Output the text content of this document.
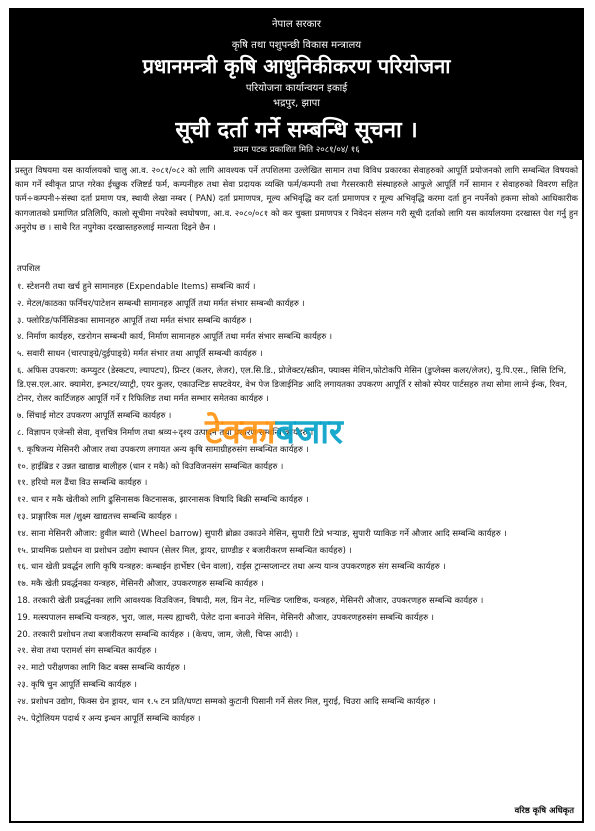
नेपाल सरकार
कृषि तथा पशुपन्छी विकास मन्त्रालय
प्रधानमन्त्री कृषि आधुनिकीकरण परियोजना
परियोजना कार्यान्वयन इकाई
भद्रपुर, झापा
सूची दर्ता गर्ने सम्बन्धि सूचना ।
प्रथम पटक प्रकाशित मिति २०८१/०४/ १६

प्रस्तुत विषयमा यस कार्यालयको चालु आ.व. २०८१/०८२ को लागि आवश्यक पर्ने तपशिलमा उल्लेखित सामान तथा विविध प्रकारका सेवाहरुको आपूर्ति प्रयोजनको लागि सम्बन्धित विषयको काम गर्ने स्वीकृत प्राप्त गरेका ईच्छुक रजिष्टर्ड फर्म, कम्पनीहरु तथा सेवा प्रदायक व्यक्ति फर्म/कम्पनी तथा गैरसरकारी संस्थाहरुले आफुले आपूर्ति गर्ने सामान र सेवाहरुको विवरण सहित फर्म÷कम्पनी÷संस्था दर्ता प्रमाण पत्र, स्थायी लेखा नम्बर ( PAN) दर्ता प्रमाणपत्र, मूल्य अभिवृद्धि कर दर्ता प्रमाणपत्र र मूल्य अभिवृद्धि करमा दर्ता हुन नपर्नेको हकमा सोको आधिकारीक कागजातको प्रमाणित प्रतिलिपि, कालो सूचीमा नपरेको स्वघोषणा, आ.व. २०८०/०८१ को कर चुक्ता प्रमाणपत्र र निवेदन संलग्न गरी सूची दर्ताको लागि यस कार्यालयमा दरखास्त पेश गर्नु हुन अनुरोध छ । साथै रित नपुगेका दरखास्तहरुलाई मान्यता दिइने छैन ।

तपशिल
१. स्टेशनरी तथा खर्च हुने सामानहरु (Expendable Items) सम्बन्धि कार्य ।
२. मेटल/काठका फर्निचर/पाटेशन सम्बन्धी सामानहरु आपूर्ति तथा मर्मत संभार सम्बन्धी कार्यहरु ।
३. फ्लोरिङ/फर्निसिङका सामानहरु आपूर्ति तथा मर्मत संभार सम्बन्धि कार्यहरु ।
४. निर्माण कार्यहरु, रङरोगन सम्बन्धी कार्य, निर्माण सामानहरु आपूर्ति तथा मर्मत संभार सम्बन्धि कार्यहरु ।
५. सवारी साधन (चारपाङ्ग्रे/दुईपाङ्ग्रे) मर्मत संभार तथा आपूर्ति सम्बन्धी कार्यहरु ।
६. अफिस उपकरण: कम्प्युटर (डेस्कटप, ल्यापटप), प्रिन्टर (कलर, लेजर), एल.सि.डि., प्रोजेक्टर/स्क्रीन, फ्याक्स मेशिन,फोटोकपि मेसिन (डुप्लेक्स कलर/लेजर), यु.पि.एस., सिसि टिभि, डि.एस.एल.आर. क्यामेरा, इन्भटर/व्याट्री, एयर कुलर, एकाउन्टिङ सफ्टवेयर, वेभ पेज डिजाईनिङ आदि लगायतका उपकरण आपूर्ति र सोको स्पेयर पार्टसहरु तथा सोमा लाग्ने ईन्क, रिवन, टोनर, रोलर कार्टिजहरु आपूर्ति गर्ने र रिफिलिङ तथा मर्मत सम्भार समेतका कार्यहरु ।
७. सिंचाई मोटर उपकरण आपूर्ति सम्बन्धि कार्यहरु ।
८. विज्ञापन एजेन्सी सेवा, वृत्तचित्र निर्माण तथा श्रव्य÷दृश्य उत्पादन तथा प्रसारण सम्बन्धि कार्यहरु ।
९. कृषिजन्य मेसिनरी औजार तथा उपकरण लगायत अन्य कृषि सामाग्रीहरुसंग सम्बन्धित कार्यहरु ।
१०. हाईब्रिड र उन्नत खाद्यान्न बालीहरु (धान र मकै) को विउविजनसंग सम्बन्धित कार्यहरु ।
११. हरियो मल ढैंचा विउ सम्बन्धि कार्यहरु ।
१२. धान र मकै खेतीको लागि ढुसिनासक किटनासक, झारनासक विषादि बिक्री सम्बन्धि कार्यहरु ।
१३. प्राङ्गारिक मल /शुक्ष्म खाद्यतत्त्व सम्बन्धि कार्यहरु ।
१४. साना मेसिनरी औजार: हुवील ब्यारो (Wheel barrow) सुपारी ब्रोक्रा उकाउने मेसिन, सुपारी टिप्ने भर्‍याङ, सुपारी प्याकिङ गर्ने औजार आदि सम्बन्धि कार्यहरु ।
१५. प्राथमिक प्रशोधन वा प्रशोधन उद्योग स्थापन (सेलर मिल, ड्रायर, ग्राण्डीङ र बजारीकरण सम्बन्धित कार्यहरु) ।
१६. धान खेती प्रवर्द्धन लागि कृषि यन्त्रहरु: कम्बाईन हार्भेष्टर (चेन वाला), राईस ट्रान्सप्लान्टर तथा अन्य यान्त्र उपकरणहरु संग सम्बन्धि कार्यहरु ।
१७. मकै खेती प्रवर्द्धनका यन्त्रहरु, मेसिनरी औजार, उपकरणहरु सम्बन्धि कार्यहरु ।
18. तरकारी खेती प्रवर्द्धनका लागि आवश्यक विउविजन, विषादी, मल, ग्रिन नेट, मल्चिङ प्लाष्टिक, यन्त्रहरु, मेसिनरी औजार, उपकरणहरु सम्बन्धि कार्यहरु ।
19. मत्स्यपालन सम्बन्धि यन्त्रहरु, भुरा, जाल, मत्स्य ह्याचरी, पेलेट दाना बनाउने मेसिन, मेसिनरी औजार, उपकरणहरुसंग सम्बन्धि कार्यहरु ।
20. तरकारी प्रशोधन तथा बजारीकरण सम्बन्धि कार्यहरु । (केचप, जाम, जेली, चिप्स आदी) ।
२१. सेवा तथा परामर्श संग सम्बन्धित कार्यहरु ।
२२. माटो परीक्षणका लागि किट बक्स सम्बन्धि कार्यहरु ।
२३. कृषि चुन आपूर्ति सम्बन्धि कार्यहरु ।
२४. प्रशोधन उद्योग, फिक्स ग्रेन ड्रायर, धान १.५ टन प्रति/घण्टा सम्मको कुटानी पिसानी गर्ने सेलर मिल, मुराई, चिउरा आदि सम्बन्धि कार्यहरु ।
२५. पेट्रोलियम पदार्थ र अन्य इन्धन आपूर्ति सम्बन्धि कार्यहरु ।
वरिष्ठ कृषि अधिकृत
टेक्काबजार
